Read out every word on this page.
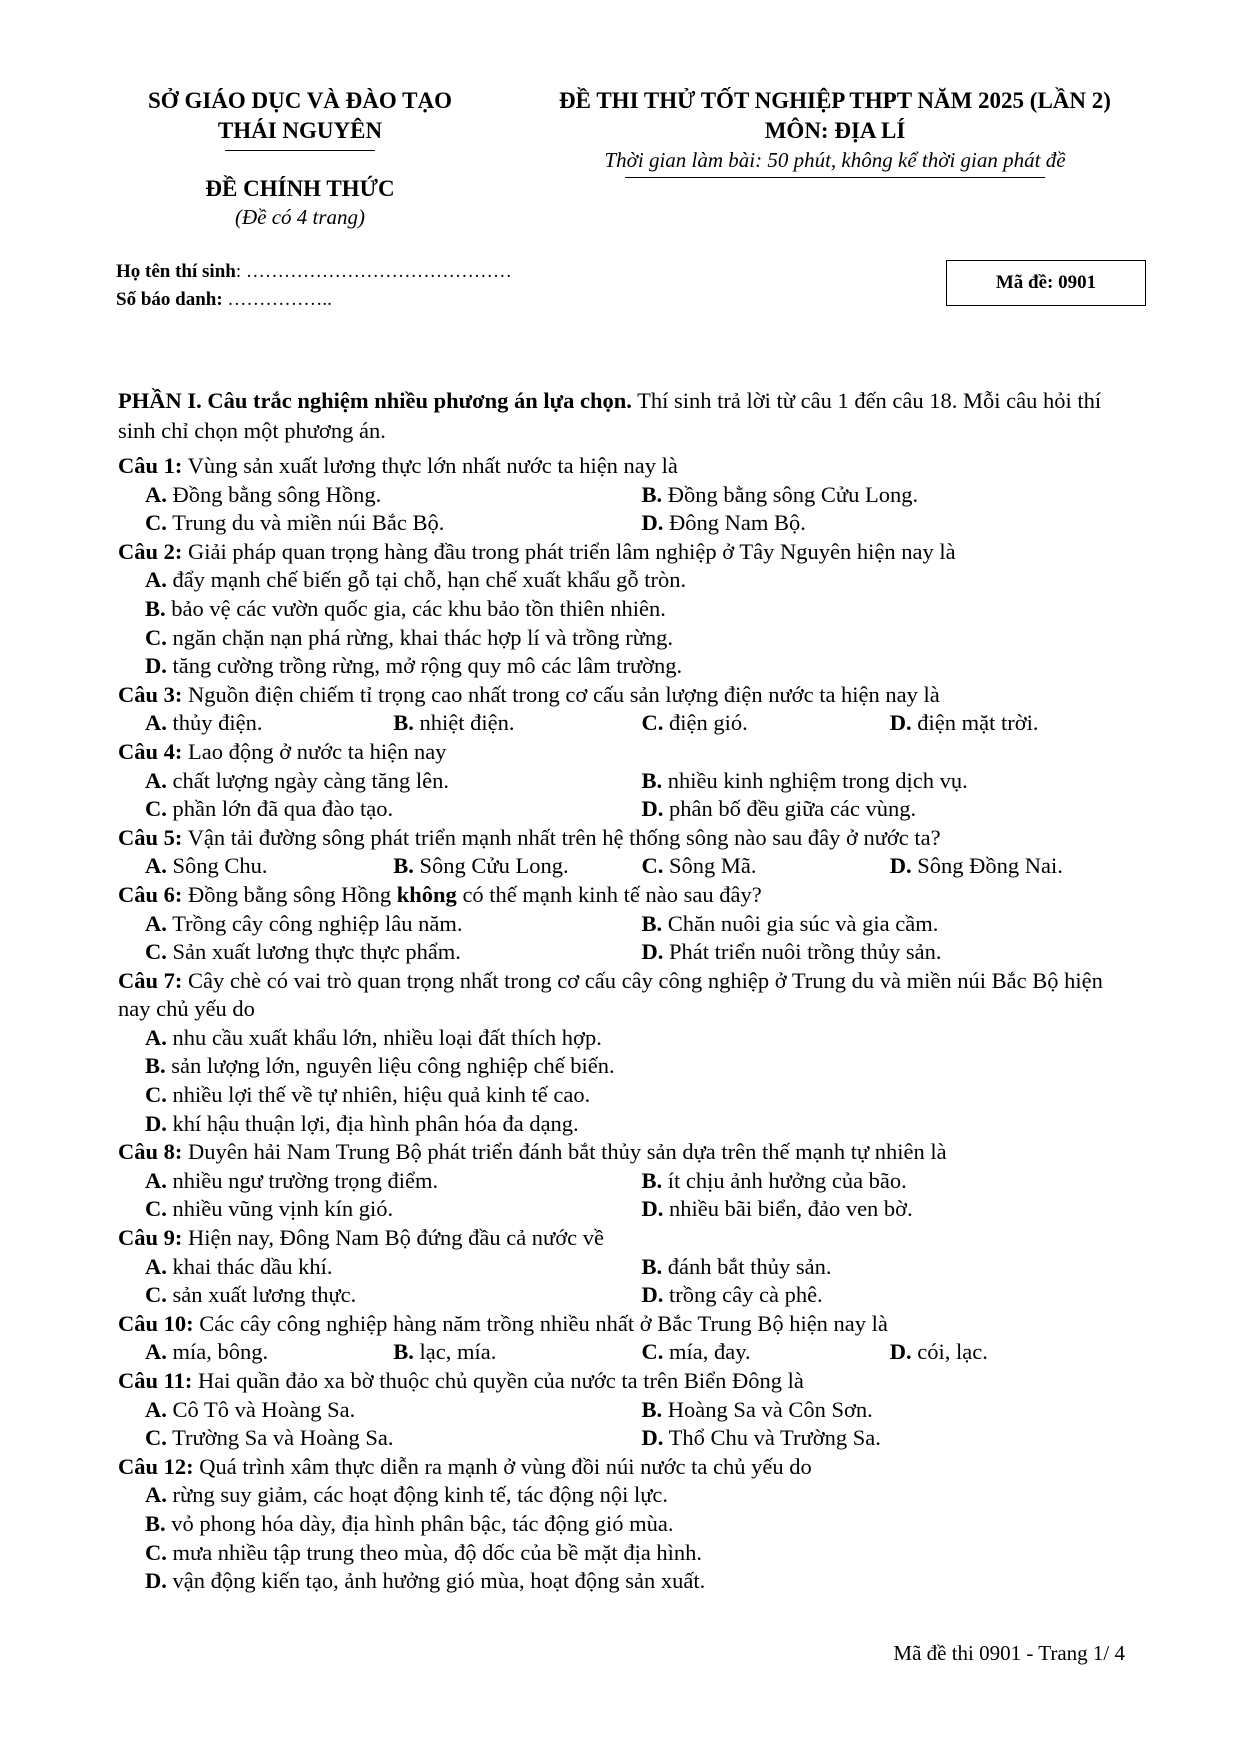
SỞ GIÁO DỤC VÀ ĐÀO TẠO
THÁI NGUYÊN
ĐỀ CHÍNH THỨC
(Đề có 4 trang)
ĐỀ THI THỬ TỐT NGHIỆP THPT NĂM 2025 (LẦN 2)
MÔN: ĐỊA LÍ
Thời gian làm bài: 50 phút, không kể thời gian phát đề
Họ tên thí sinh: ……………………………………
Số báo danh: ……………..
Mã đề: 0901
PHẦN I. Câu trắc nghiệm nhiều phương án lựa chọn. Thí sinh trả lời từ câu 1 đến câu 18. Mỗi câu hỏi thí sinh chỉ chọn một phương án.
Câu 1: Vùng sản xuất lương thực lớn nhất nước ta hiện nay là
A. Đồng bằng sông Hồng.	B. Đồng bằng sông Cửu Long.
C. Trung du và miền núi Bắc Bộ.	D. Đông Nam Bộ.
Câu 2: Giải pháp quan trọng hàng đầu trong phát triển lâm nghiệp ở Tây Nguyên hiện nay là
A. đẩy mạnh chế biến gỗ tại chỗ, hạn chế xuất khẩu gỗ tròn.
B. bảo vệ các vườn quốc gia, các khu bảo tồn thiên nhiên.
C. ngăn chặn nạn phá rừng, khai thác hợp lí và trồng rừng.
D. tăng cường trồng rừng, mở rộng quy mô các lâm trường.
Câu 3: Nguồn điện chiếm tỉ trọng cao nhất trong cơ cấu sản lượng điện nước ta hiện nay là
A. thủy điện.	B. nhiệt điện.	C. điện gió.	D. điện mặt trời.
Câu 4: Lao động ở nước ta hiện nay
A. chất lượng ngày càng tăng lên.	B. nhiều kinh nghiệm trong dịch vụ.
C. phần lớn đã qua đào tạo.	D. phân bố đều giữa các vùng.
Câu 5: Vận tải đường sông phát triển mạnh nhất trên hệ thống sông nào sau đây ở nước ta?
A. Sông Chu.	B. Sông Cửu Long.	C. Sông Mã.	D. Sông Đồng Nai.
Câu 6: Đồng bằng sông Hồng không có thế mạnh kinh tế nào sau đây?
A. Trồng cây công nghiệp lâu năm.	B. Chăn nuôi gia súc và gia cầm.
C. Sản xuất lương thực thực phẩm.	D. Phát triển nuôi trồng thủy sản.
Câu 7: Cây chè có vai trò quan trọng nhất trong cơ cấu cây công nghiệp ở Trung du và miền núi Bắc Bộ hiện nay chủ yếu do
A. nhu cầu xuất khẩu lớn, nhiều loại đất thích hợp.
B. sản lượng lớn, nguyên liệu công nghiệp chế biến.
C. nhiều lợi thế về tự nhiên, hiệu quả kinh tế cao.
D. khí hậu thuận lợi, địa hình phân hóa đa dạng.
Câu 8: Duyên hải Nam Trung Bộ phát triển đánh bắt thủy sản dựa trên thế mạnh tự nhiên là
A. nhiều ngư trường trọng điểm.	B. ít chịu ảnh hưởng của bão.
C. nhiều vũng vịnh kín gió.	D. nhiều bãi biển, đảo ven bờ.
Câu 9: Hiện nay, Đông Nam Bộ đứng đầu cả nước về
A. khai thác dầu khí.	B. đánh bắt thủy sản.
C. sản xuất lương thực.	D. trồng cây cà phê.
Câu 10: Các cây công nghiệp hàng năm trồng nhiều nhất ở Bắc Trung Bộ hiện nay là
A. mía, bông.	B. lạc, mía.	C. mía, đay.	D. cói, lạc.
Câu 11: Hai quần đảo xa bờ thuộc chủ quyền của nước ta trên Biển Đông là
A. Cô Tô và Hoàng Sa.	B. Hoàng Sa và Côn Sơn.
C. Trường Sa và Hoàng Sa.	D. Thổ Chu và Trường Sa.
Câu 12: Quá trình xâm thực diễn ra mạnh ở vùng đồi núi nước ta chủ yếu do
A. rừng suy giảm, các hoạt động kinh tế, tác động nội lực.
B. vỏ phong hóa dày, địa hình phân bậc, tác động gió mùa.
C. mưa nhiều tập trung theo mùa, độ dốc của bề mặt địa hình.
D. vận động kiến tạo, ảnh hưởng gió mùa, hoạt động sản xuất.
Mã đề thi 0901 - Trang 1/ 4
